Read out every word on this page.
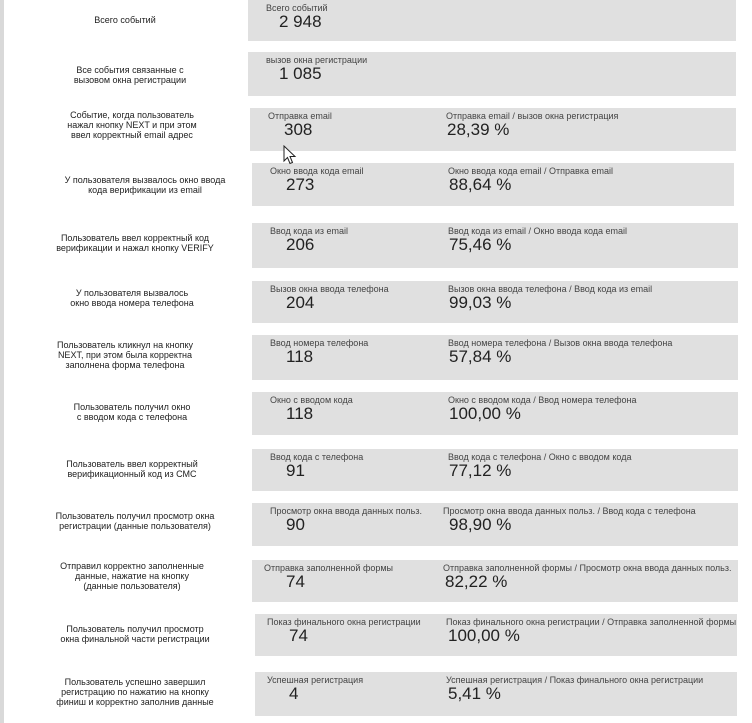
Всего событий
Всего событий
2 948
Все события связанные с
вызовом окна регистрации
вызов окна регистрации
1 085
Событие, когда пользователь
нажал кнопку NEXT и при этом
ввел корректный email адрес
Отправка email
308
Отправка email / вызов окна регистрация
28,39 %
У пользователя вызвалось окно ввода
кода верификации из email
Окно ввода кода email
273
Окно ввода кода email / Отправка email
88,64 %
Пользователь ввел корректный код
верификации и нажал кнопку VERIFY
Ввод кода из email
206
Ввод кода из email / Окно ввода кода email
75,46 %
У пользователя вызвалось
окно ввода номера телефона
Вызов окна ввода телефона
204
Вызов окна ввода телефона / Ввод кода из email
99,03 %
Пользователь кликнул на кнопку
NEXT, при этом была корректна
заполнена форма телефона
Ввод номера телефона
118
Ввод номера телефона / Вызов окна ввода телефона
57,84 %
Пользователь получил окно
с вводом кода с телефона
Окно с вводом кода
118
Окно с вводом кода / Ввод номера телефона
100,00 %
Пользователь ввел корректный
верификационный код из СМС
Ввод кода с телефона
91
Ввод кода с телефона / Окно с вводом кода
77,12 %
Пользователь получил просмотр окна
регистрации (данные пользователя)
Просмотр окна ввода данных польз.
90
Просмотр окна ввода данных польз. / Ввод кода с телефона
98,90 %
Отправил корректно заполненные
данные, нажатие на кнопку
(данные пользователя)
Отправка заполненной формы
74
Отправка заполненной формы / Просмотр окна ввода данных польз.
82,22 %
Пользователь получил просмотр
окна финальной части регистрации
Показ финального окна регистрации
74
Показ финального окна регистрации / Отправка заполненной формы
100,00 %
Пользователь успешно завершил
регистрацию по нажатию на кнопку
финиш и корректно заполнив данные
Успешная регистрация
4
Успешная регистрация / Показ финального окна регистрации
5,41 %
